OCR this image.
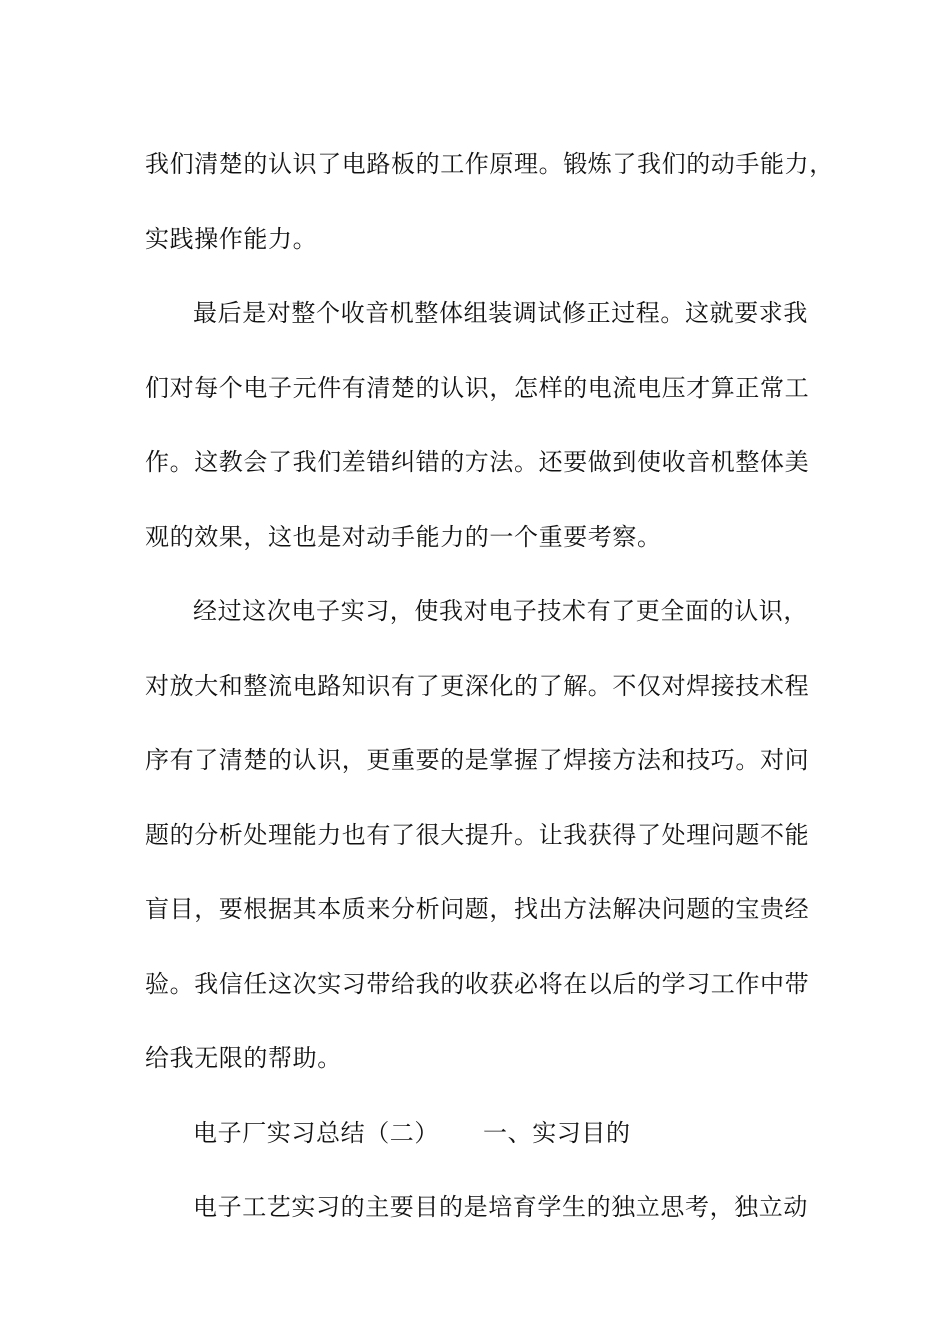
我们清楚的认识了电路板的工作原理。锻炼了我们的动手能力，
实践操作能力。
最后是对整个收音机整体组装调试修正过程。这就要求我
们对每个电子元件有清楚的认识，怎样的电流电压才算正常工
作。这教会了我们差错纠错的方法。还要做到使收音机整体美
观的效果，这也是对动手能力的一个重要考察。
经过这次电子实习，使我对电子技术有了更全面的认识，
对放大和整流电路知识有了更深化的了解。不仅对焊接技术程
序有了清楚的认识，更重要的是掌握了焊接方法和技巧。对问
题的分析处理能力也有了很大提升。让我获得了处理问题不能
盲目，要根据其本质来分析问题，找出方法解决问题的宝贵经
验。我信任这次实习带给我的收获必将在以后的学习工作中带
给我无限的帮助。
电子厂实习总结（二） 一、实习目的
电子工艺实习的主要目的是培育学生的独立思考，独立动
